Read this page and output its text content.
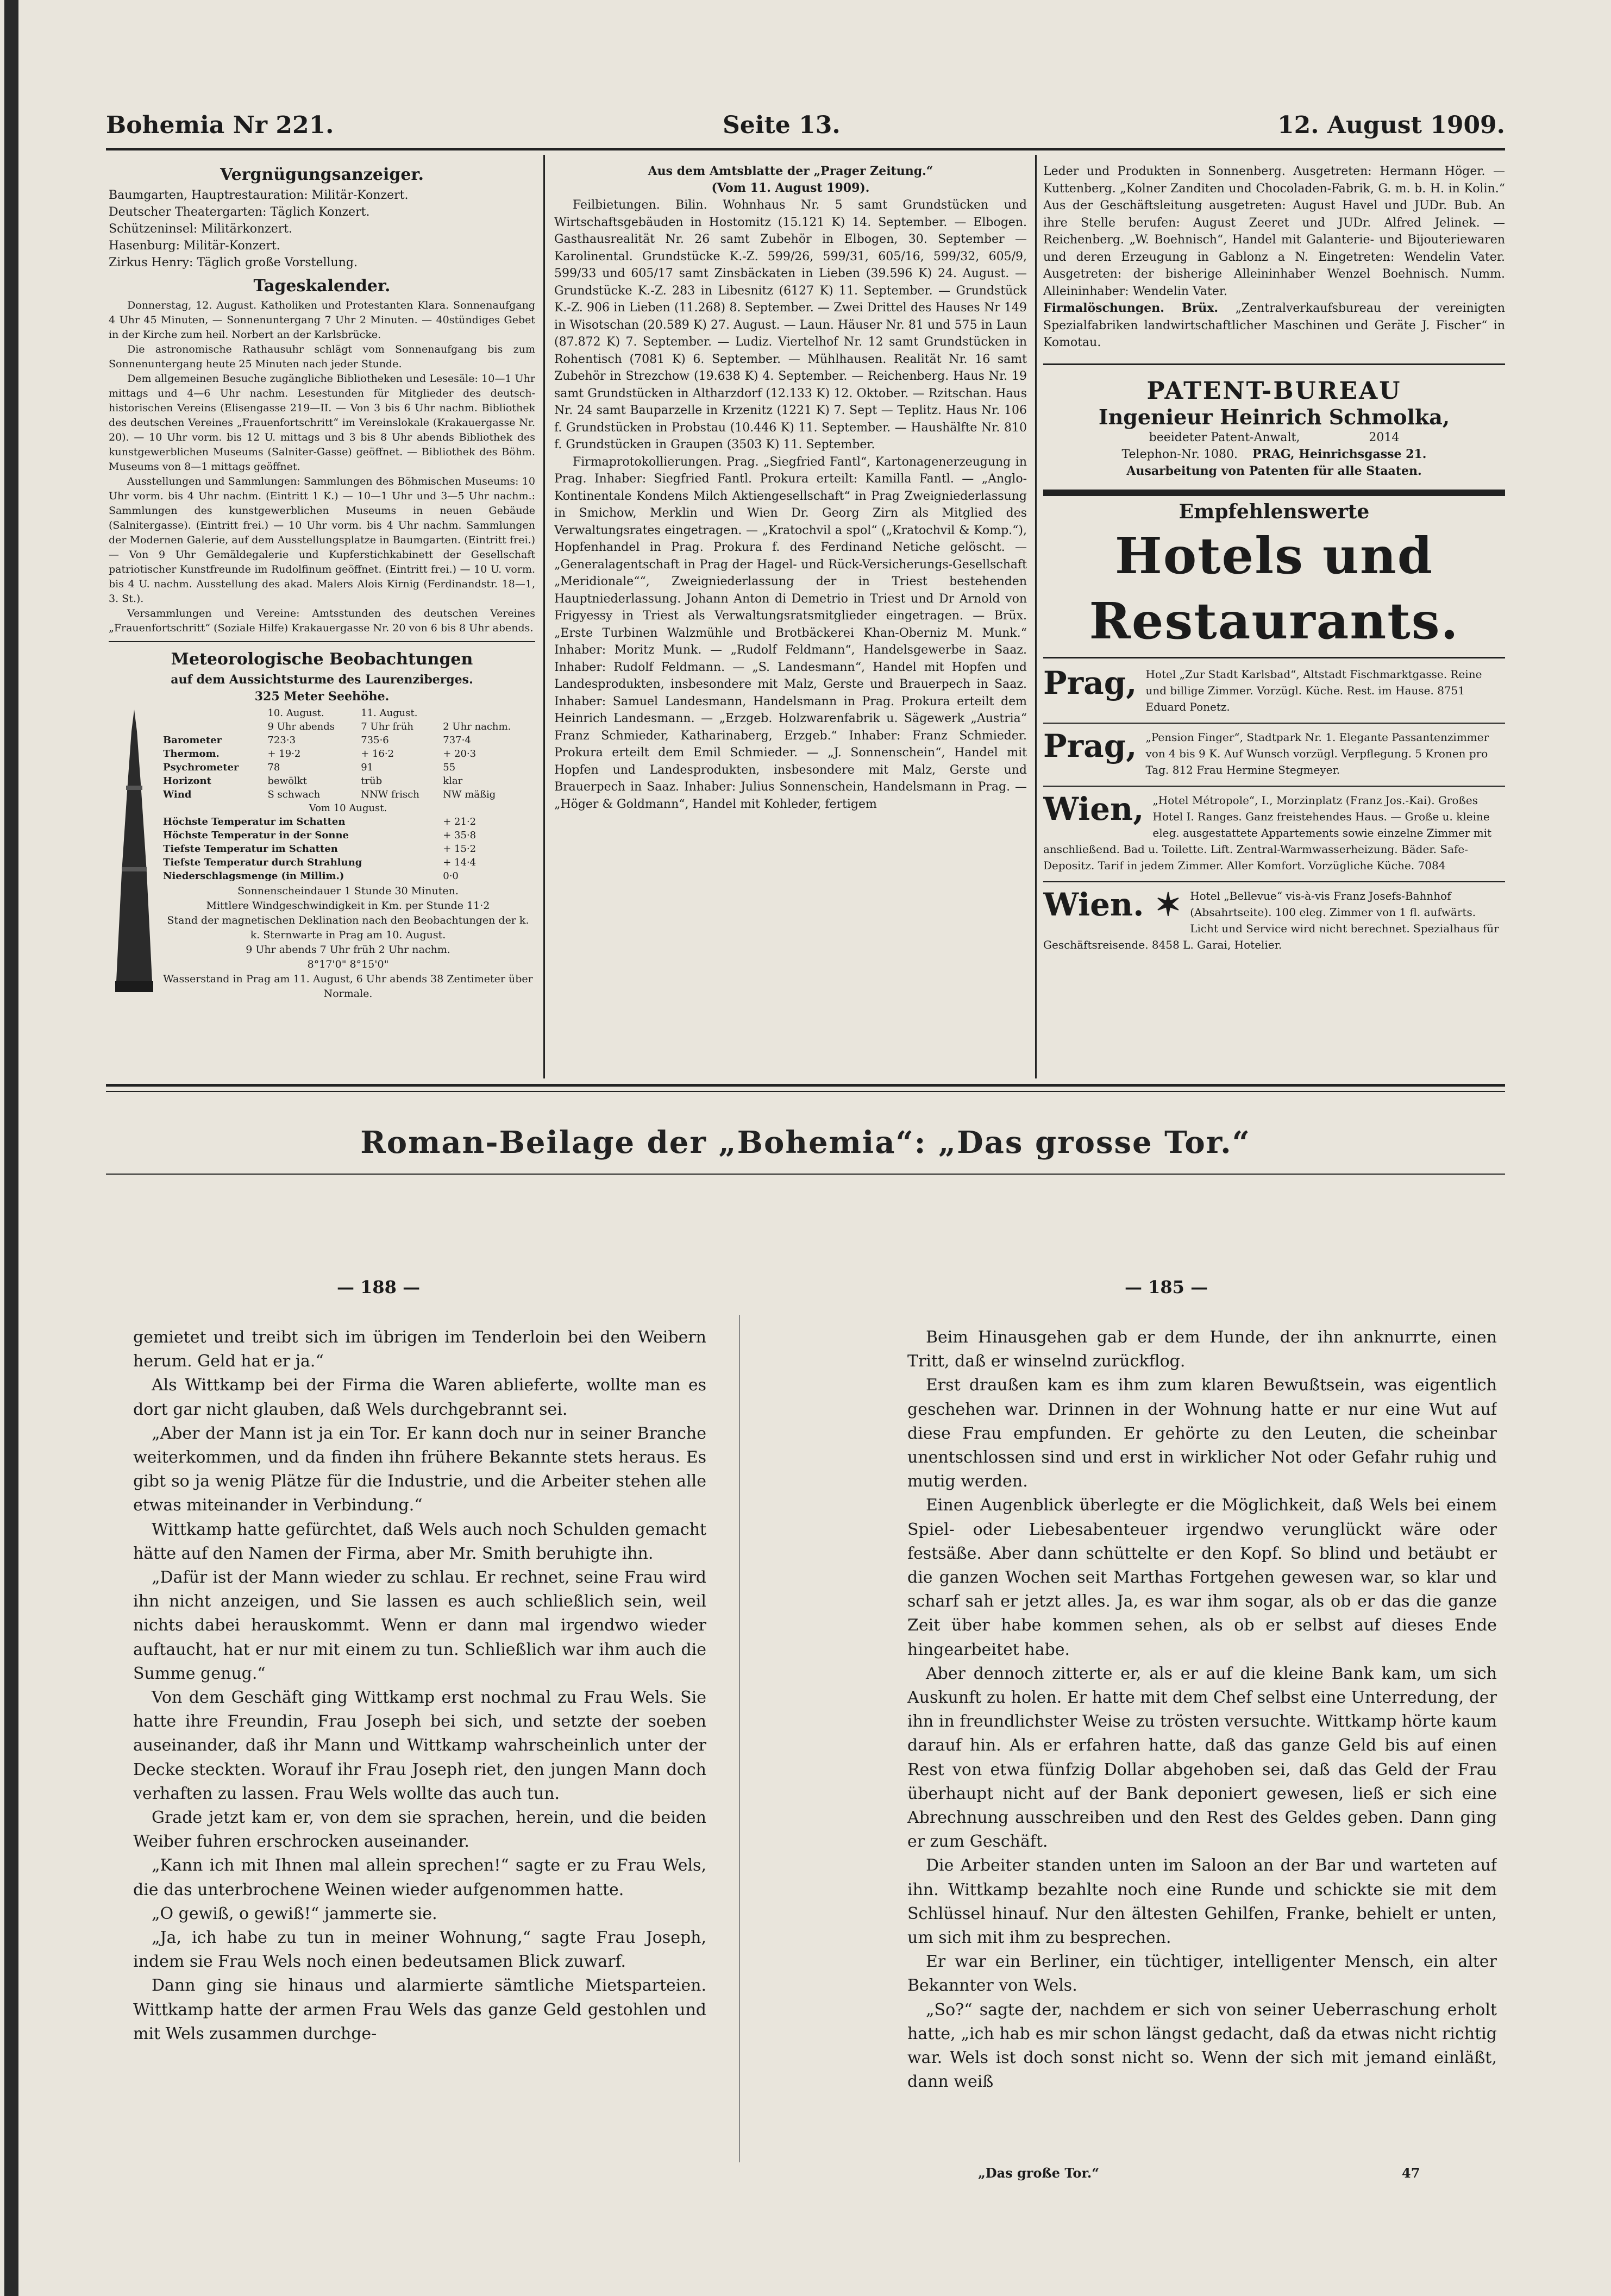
Bohemia Nr 221.	Seite 13.	12. August 1909.
Vergnügungsanzeiger.
Baumgarten, Hauptrestauration: Militär-Konzert.
Deutscher Theatergarten: Täglich Konzert.
Schützeninsel: Militärkonzert.
Hasenburg: Militär-Konzert.
Zirkus Henry: Täglich große Vorstellung.
Tageskalender.

Donnerstag, 12. August. Katholiken und Protestanten Klara. Sonnenaufgang 4 Uhr 45 Minuten, — Sonnenuntergang 7 Uhr 2 Minuten. — 40stündiges Gebet in der Kirche zum heil. Norbert an der Karlsbrücke.

Die astronomische Rathausuhr schlägt vom Sonnenaufgang bis zum Sonnenuntergang heute 25 Minuten nach jeder Stunde.

Dem allgemeinen Besuche zugängliche Bibliotheken und Lesesäle: 10—1 Uhr mittags und 4—6 Uhr nachm. Lesestunden für Mitglieder des deutsch-historischen Vereins (Elisengasse 219—II. — Von 3 bis 6 Uhr nachm. Bibliothek des deutschen Vereines „Frauenfortschritt“ im Vereinslokale (Krakauergasse Nr. 20). — 10 Uhr vorm. bis 12 U. mittags und 3 bis 8 Uhr abends Bibliothek des kunstgewerblichen Museums (Salniter-Gasse) geöffnet. — Bibliothek des Böhm. Museums von 8—1 mittags geöffnet.

Ausstellungen und Sammlungen: Sammlungen des Böhmischen Museums: 10 Uhr vorm. bis 4 Uhr nachm. (Eintritt 1 K.) — 10—1 Uhr und 3—5 Uhr nachm.: Sammlungen des kunstgewerblichen Museums in neuen Gebäude (Salnitergasse). (Eintritt frei.) — 10 Uhr vorm. bis 4 Uhr nachm. Sammlungen der Modernen Galerie, auf dem Ausstellungsplatze in Baumgarten. (Eintritt frei.) — Von 9 Uhr Gemäldegalerie und Kupferstichkabinett der Gesellschaft patriotischer Kunstfreunde im Rudolfinum geöffnet. (Eintritt frei.) — 10 U. vorm. bis 4 U. nachm. Ausstellung des akad. Malers Alois Kirnig (Ferdinandstr. 18—1, 3. St.).

Versammlungen und Vereine: Amtsstunden des deutschen Vereines „Frauenfortschritt“ (Soziale Hilfe) Krakauergasse Nr. 20 von 6 bis 8 Uhr abends.

Meteorologische Beobachtungen
auf dem Aussichtsturme des Laurenziberges.
325 Meter Seehöhe.
	10. August.	11. August.	
	9 Uhr abends	7 Uhr früh	2 Uhr nachm.
Barometer	723·3	735·6	737·4
Thermom.	+ 19·2	+ 16·2	+ 20·3
Psychrometer	78	91	55
Horizont	bewölkt	trüb	klar
Wind	S schwach	NNW frisch	NW mäßig
Vom 10 August.			
Höchste Temperatur im Schatten			+ 21·2
Höchste Temperatur in der Sonne			+ 35·8
Tiefste Temperatur im Schatten			+ 15·2
Tiefste Temperatur durch Strahlung			+ 14·4
Niederschlagsmenge (in Millim.)			0·0
Sonnenscheindauer 1 Stunde 30 Minuten.
Mittlere Windgeschwindigkeit in Km. per Stunde 11·2
Stand der magnetischen Deklination nach den Beobachtungen der k. k. Sternwarte in Prag am 10. August.
9 Uhr abends 7 Uhr früh 2 Uhr nachm.
8°17'0" 8°15'0"
Wasserstand in Prag am 11. August, 6 Uhr abends 38 Zentimeter über Normale.
Aus dem Amtsblatte der „Prager Zeitung.“
(Vom 11. August 1909).

Feilbietungen. Bilin. Wohnhaus Nr. 5 samt Grundstücken und Wirtschaftsgebäuden in Hostomitz (15.121 K) 14. September. — Elbogen. Gasthausrealität Nr. 26 samt Zubehör in Elbogen, 30. September — Karolinental. Grundstücke K.-Z. 599/26, 599/31, 605/16, 599/32, 605/9, 599/33 und 605/17 samt Zinsbäckaten in Lieben (39.596 K) 24. August. — Grundstücke K.-Z. 283 in Libesnitz (6127 K) 11. September. — Grundstück K.-Z. 906 in Lieben (11.268) 8. September. — Zwei Drittel des Hauses Nr 149 in Wisotschan (20.589 K) 27. August. — Laun. Häuser Nr. 81 und 575 in Laun (87.872 K) 7. September. — Ludiz. Viertelhof Nr. 12 samt Grundstücken in Rohentisch (7081 K) 6. September. — Mühlhausen. Realität Nr. 16 samt Zubehör in Strezchow (19.638 K) 4. September. — Reichenberg. Haus Nr. 19 samt Grundstücken in Altharzdorf (12.133 K) 12. Oktober. — Rzitschan. Haus Nr. 24 samt Bauparzelle in Krzenitz (1221 K) 7. Sept — Teplitz. Haus Nr. 106 f. Grundstücken in Probstau (10.446 K) 11. September. — Haushälfte Nr. 810 f. Grundstücken in Graupen (3503 K) 11. September.

Firmaprotokollierungen. Prag. „Siegfried Fantl“, Kartonagenerzeugung in Prag. Inhaber: Siegfried Fantl. Prokura erteilt: Kamilla Fantl. — „Anglo-Kontinentale Kondens Milch Aktiengesellschaft“ in Prag Zweigniederlassung in Smichow, Merklin und Wien Dr. Georg Zirn als Mitglied des Verwaltungsrates eingetragen. — „Kratochvil a spol“ („Kratochvil & Komp.“), Hopfenhandel in Prag. Prokura f. des Ferdinand Netiche gelöscht. — „Generalagentschaft in Prag der Hagel- und Rück-Versicherungs-Gesellschaft „Meridionale““, Zweigniederlassung der in Triest bestehenden Hauptniederlassung. Johann Anton di Demetrio in Triest und Dr Arnold von Frigyessy in Triest als Verwaltungsratsmitglieder eingetragen. — Brüx. „Erste Turbinen Walzmühle und Brotbäckerei Khan-Oberniz M. Munk.“ Inhaber: Moritz Munk. — „Rudolf Feldmann“, Handelsgewerbe in Saaz. Inhaber: Rudolf Feldmann. — „S. Landesmann“, Handel mit Hopfen und Landesprodukten, insbesondere mit Malz, Gerste und Brauerpech in Saaz. Inhaber: Samuel Landesmann, Handelsmann in Prag. Prokura erteilt dem Heinrich Landesmann. — „Erzgeb. Holzwarenfabrik u. Sägewerk „Austria“ Franz Schmieder, Katharinaberg, Erzgeb.“ Inhaber: Franz Schmieder. Prokura erteilt dem Emil Schmieder. — „J. Sonnenschein“, Handel mit Hopfen und Landesprodukten, insbesondere mit Malz, Gerste und Brauerpech in Saaz. Inhaber: Julius Sonnenschein, Handelsmann in Prag. — „Höger & Goldmann“, Handel mit Kohleder, fertigem

Leder und Produkten in Sonnenberg. Ausgetreten: Hermann Höger. — Kuttenberg. „Kolner Zanditen und Chocoladen-Fabrik, G. m. b. H. in Kolin.“ Aus der Geschäftsleitung ausgetreten: August Havel und JUDr. Bub. An ihre Stelle berufen: August Zeeret und JUDr. Alfred Jelinek. — Reichenberg. „W. Boehnisch“, Handel mit Galanterie- und Bijouteriewaren und deren Erzeugung in Gablonz a N. Eingetreten: Wendelin Vater. Ausgetreten: der bisherige Alleininhaber Wenzel Boehnisch. Numm. Alleininhaber: Wendelin Vater.

Firmalöschungen. Brüx. „Zentralverkaufsbureau der vereinigten Spezialfabriken landwirtschaftlicher Maschinen und Geräte J. Fischer“ in Komotau.

PATENT-BUREAU
Ingenieur Heinrich Schmolka,
beeideter Patent-Anwalt,	2014
Telephon-Nr. 1080. PRAG, Heinrichsgasse 21.
Ausarbeitung von Patenten für alle Staaten.
Empfehlenswerte
Hotels und Restaurants.
Prag, Hotel „Zur Stadt Karlsbad“, Altstadt Fischmarktgasse. Reine und billige Zimmer. Vorzügl. Küche. Rest. im Hause. 8751 Eduard Ponetz.
Prag, „Pension Finger“, Stadtpark Nr. 1. Elegante Passantenzimmer von 4 bis 9 K. Auf Wunsch vorzügl. Verpflegung. 5 Kronen pro Tag. 812 Frau Hermine Stegmeyer.
Wien, „Hotel Métropole“, I., Morzinplatz (Franz Jos.-Kai). Großes Hotel I. Ranges. Ganz freistehendes Haus. — Große u. kleine eleg. ausgestattete Appartements sowie einzelne Zimmer mit anschließend. Bad u. Toilette. Lift. Zentral-Warmwasserheizung. Bäder. Safe-Depositz. Tarif in jedem Zimmer. Aller Komfort. Vorzügliche Küche. 7084
Wien. ✶ Hotel „Bellevue“ vis-à-vis Franz Josefs-Bahnhof (Absahrtseite). 100 eleg. Zimmer von 1 fl. aufwärts. Licht und Service wird nicht berechnet. Spezialhaus für Geschäftsreisende. 8458 L. Garai, Hotelier.
Roman-Beilage der „Bohemia“: „Das grosse Tor.“
— 188 —	— 185 —

gemietet und treibt sich im übrigen im Tenderloin bei den Weibern herum. Geld hat er ja.“

Als Wittkamp bei der Firma die Waren ablieferte, wollte man es dort gar nicht glauben, daß Wels durchgebrannt sei.

„Aber der Mann ist ja ein Tor. Er kann doch nur in seiner Branche weiterkommen, und da finden ihn frühere Bekannte stets heraus. Es gibt so ja wenig Plätze für die Industrie, und die Arbeiter stehen alle etwas miteinander in Verbindung.“

Wittkamp hatte gefürchtet, daß Wels auch noch Schulden gemacht hätte auf den Namen der Firma, aber Mr. Smith beruhigte ihn.

„Dafür ist der Mann wieder zu schlau. Er rechnet, seine Frau wird ihn nicht anzeigen, und Sie lassen es auch schließlich sein, weil nichts dabei herauskommt. Wenn er dann mal irgendwo wieder auftaucht, hat er nur mit einem zu tun. Schließlich war ihm auch die Summe genug.“

Von dem Geschäft ging Wittkamp erst nochmal zu Frau Wels. Sie hatte ihre Freundin, Frau Joseph bei sich, und setzte der soeben auseinander, daß ihr Mann und Wittkamp wahrscheinlich unter der Decke steckten. Worauf ihr Frau Joseph riet, den jungen Mann doch verhaften zu lassen. Frau Wels wollte das auch tun.

Grade jetzt kam er, von dem sie sprachen, herein, und die beiden Weiber fuhren erschrocken auseinander.

„Kann ich mit Ihnen mal allein sprechen!“ sagte er zu Frau Wels, die das unterbrochene Weinen wieder aufgenommen hatte.

„O gewiß, o gewiß!“ jammerte sie.

„Ja, ich habe zu tun in meiner Wohnung,“ sagte Frau Joseph, indem sie Frau Wels noch einen bedeutsamen Blick zuwarf.

Dann ging sie hinaus und alarmierte sämtliche Mietsparteien. Wittkamp hatte der armen Frau Wels das ganze Geld gestohlen und mit Wels zusammen durchge-

Beim Hinausgehen gab er dem Hunde, der ihn anknurrte, einen Tritt, daß er winselnd zurückflog.

Erst draußen kam es ihm zum klaren Bewußtsein, was eigentlich geschehen war. Drinnen in der Wohnung hatte er nur eine Wut auf diese Frau empfunden. Er gehörte zu den Leuten, die scheinbar unentschlossen sind und erst in wirklicher Not oder Gefahr ruhig und mutig werden.

Einen Augenblick überlegte er die Möglichkeit, daß Wels bei einem Spiel- oder Liebesabenteuer irgendwo verunglückt wäre oder festsäße. Aber dann schüttelte er den Kopf. So blind und betäubt er die ganzen Wochen seit Marthas Fortgehen gewesen war, so klar und scharf sah er jetzt alles. Ja, es war ihm sogar, als ob er das die ganze Zeit über habe kommen sehen, als ob er selbst auf dieses Ende hingearbeitet habe.

Aber dennoch zitterte er, als er auf die kleine Bank kam, um sich Auskunft zu holen. Er hatte mit dem Chef selbst eine Unterredung, der ihn in freundlichster Weise zu trösten versuchte. Wittkamp hörte kaum darauf hin. Als er erfahren hatte, daß das ganze Geld bis auf einen Rest von etwa fünfzig Dollar abgehoben sei, daß das Geld der Frau überhaupt nicht auf der Bank deponiert gewesen, ließ er sich eine Abrechnung ausschreiben und den Rest des Geldes geben. Dann ging er zum Geschäft.

Die Arbeiter standen unten im Saloon an der Bar und warteten auf ihn. Wittkamp bezahlte noch eine Runde und schickte sie mit dem Schlüssel hinauf. Nur den ältesten Gehilfen, Franke, behielt er unten, um sich mit ihm zu besprechen.

Er war ein Berliner, ein tüchtiger, intelligenter Mensch, ein alter Bekannter von Wels.

„So?“ sagte der, nachdem er sich von seiner Ueberraschung erholt hatte, „ich hab es mir schon längst gedacht, daß da etwas nicht richtig war. Wels ist doch sonst nicht so. Wenn der sich mit jemand einläßt, dann weiß

„Das große Tor.“	47
